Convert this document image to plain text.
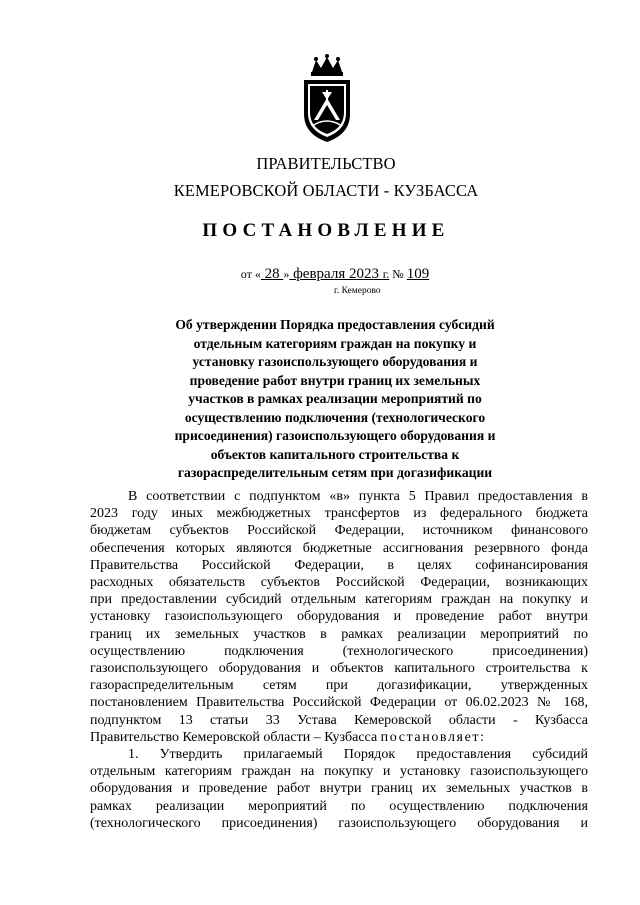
ПРАВИТЕЛЬСТВО
КЕМЕРОВСКОЙ ОБЛАСТИ - КУЗБАССА
ПОСТАНОВЛЕНИЕ
от « 28 » февраля 2023 г. № 109
г. Кемерово
Об утверждении Порядка предоставления субсидий
отдельным категориям граждан на покупку и
установку газоиспользующего оборудования и
проведение работ внутри границ их земельных
участков в рамках реализации мероприятий по
осуществлению подключения (технологического
присоединения) газоиспользующего оборудования и
объектов капитального строительства к
газораспределительным сетям при догазификации
В соответствии с подпунктом «в» пункта 5 Правил предоставления в
2023 году иных межбюджетных трансфертов из федерального бюджета
бюджетам субъектов Российской Федерации, источником финансового
обеспечения которых являются бюджетные ассигнования резервного фонда
Правительства Российской Федерации, в целях софинансирования
расходных обязательств субъектов Российской Федерации, возникающих
при предоставлении субсидий отдельным категориям граждан на покупку и
установку газоиспользующего оборудования и проведение работ внутри
границ их земельных участков в рамках реализации мероприятий по
осуществлению подключения (технологического присоединения)
газоиспользующего оборудования и объектов капитального строительства к
газораспределительным сетям при догазификации, утвержденных
постановлением Правительства Российской Федерации от 06.02.2023 № 168,
подпунктом 13 статьи 33 Устава Кемеровской области - Кузбасса
Правительство Кемеровской области – Кузбасса постановляет:
1. Утвердить прилагаемый Порядок предоставления субсидий
отдельным категориям граждан на покупку и установку газоиспользующего
оборудования и проведение работ внутри границ их земельных участков в
рамках реализации мероприятий по осуществлению подключения
(технологического присоединения) газоиспользующего оборудования и
